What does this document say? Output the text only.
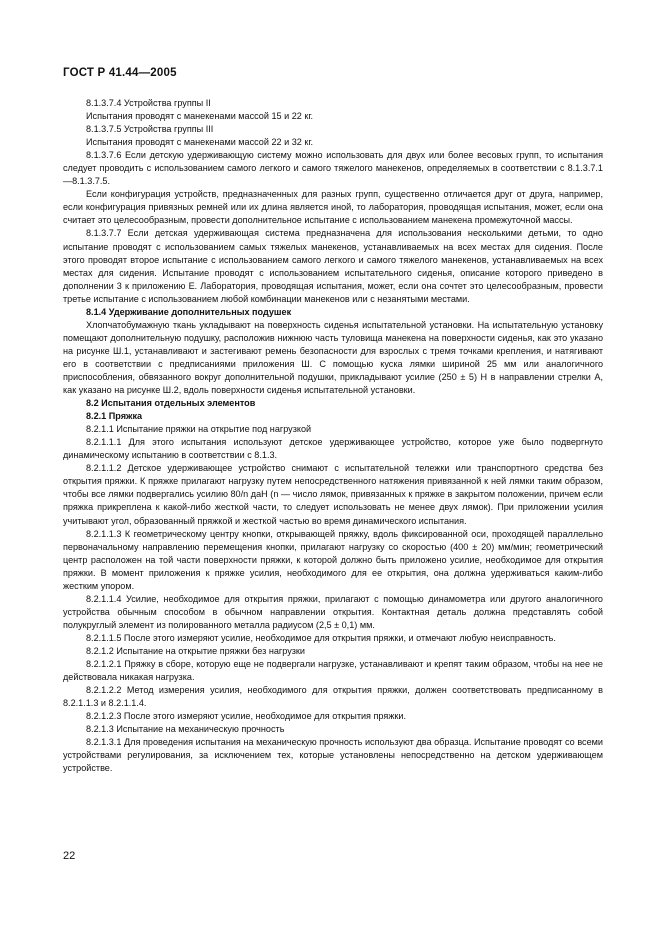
ГОСТ Р 41.44—2005

8.1.3.7.4 Устройства группы II

Испытания проводят с манекенами массой 15 и 22 кг.

8.1.3.7.5 Устройства группы III

Испытания проводят с манекенами массой 22 и 32 кг.

8.1.3.7.6 Если детскую удерживающую систему можно использовать для двух или более весовых групп, то испытания следует проводить с использованием самого легкого и самого тяжелого манекенов, определяемых в соответствии с 8.1.3.7.1—8.1.3.7.5.

Если конфигурация устройств, предназначенных для разных групп, существенно отличается друг от друга, например, если конфигурация привязных ремней или их длина является иной, то лаборатория, проводящая испытания, может, если она считает это целесообразным, провести дополнительное испытание с использованием манекена промежуточной массы.

8.1.3.7.7 Если детская удерживающая система предназначена для использования несколькими детьми, то одно испытание проводят с использованием самых тяжелых манекенов, устанавливаемых на всех местах для сидения. После этого проводят второе испытание с использованием самого легкого и самого тяжелого манекенов, устанавливаемых на всех местах для сидения. Испытание проводят с использованием испытательного сиденья, описание которого приведено в дополнении 3 к приложению Е. Лаборатория, проводящая испытания, может, если она сочтет это целесообразным, провести третье испытание с использованием любой комбинации манекенов или с незанятыми местами.

8.1.4 Удерживание дополнительных подушек

Хлопчатобумажную ткань укладывают на поверхность сиденья испытательной установки. На испытательную установку помещают дополнительную подушку, расположив нижнюю часть туловища манекена на поверхности сиденья, как это указано на рисунке Ш.1, устанавливают и застегивают ремень безопасности для взрослых с тремя точками крепления, и натягивают его в соответствии с предписаниями приложения Ш. С помощью куска лямки шириной 25 мм или аналогичного приспособления, обвязанного вокруг дополнительной подушки, прикладывают усилие (250 ± 5) Н в направлении стрелки А, как указано на рисунке Ш.2, вдоль поверхности сиденья испытательной установки.

8.2 Испытания отдельных элементов

8.2.1 Пряжка

8.2.1.1 Испытание пряжки на открытие под нагрузкой

8.2.1.1.1 Для этого испытания используют детское удерживающее устройство, которое уже было подвергнуто динамическому испытанию в соответствии с 8.1.3.

8.2.1.1.2 Детское удерживающее устройство снимают с испытательной тележки или транспортного средства без открытия пряжки. К пряжке прилагают нагрузку путем непосредственного натяжения привязанной к ней лямки таким образом, чтобы все лямки подвергались усилию 80/n даН (n — число лямок, привязанных к пряжке в закрытом положении, причем если пряжка прикреплена к какой-либо жесткой части, то следует использовать не менее двух лямок). При приложении усилия учитывают угол, образованный пряжкой и жесткой частью во время динамического испытания.

8.2.1.1.3 К геометрическому центру кнопки, открывающей пряжку, вдоль фиксированной оси, проходящей параллельно первоначальному направлению перемещения кнопки, прилагают нагрузку со скоростью (400 ± 20) мм/мин; геометрический центр расположен на той части поверхности пряжки, к которой должно быть приложено усилие, необходимое для открытия пряжки. В момент приложения к пряжке усилия, необходимого для ее открытия, она должна удерживаться каким-либо жестким упором.

8.2.1.1.4 Усилие, необходимое для открытия пряжки, прилагают с помощью динамометра или другого аналогичного устройства обычным способом в обычном направлении открытия. Контактная деталь должна представлять собой полукруглый элемент из полированного металла радиусом (2,5 ± 0,1) мм.

8.2.1.1.5 После этого измеряют усилие, необходимое для открытия пряжки, и отмечают любую неисправность.

8.2.1.2 Испытание на открытие пряжки без нагрузки

8.2.1.2.1 Пряжку в сборе, которую еще не подвергали нагрузке, устанавливают и крепят таким образом, чтобы на нее не действовала никакая нагрузка.

8.2.1.2.2 Метод измерения усилия, необходимого для открытия пряжки, должен соответствовать предписанному в 8.2.1.1.3 и 8.2.1.1.4.

8.2.1.2.3 После этого измеряют усилие, необходимое для открытия пряжки.

8.2.1.3 Испытание на механическую прочность

8.2.1.3.1 Для проведения испытания на механическую прочность используют два образца. Испытание проводят со всеми устройствами регулирования, за исключением тех, которые установлены непосредственно на детском удерживающем устройстве.

22
